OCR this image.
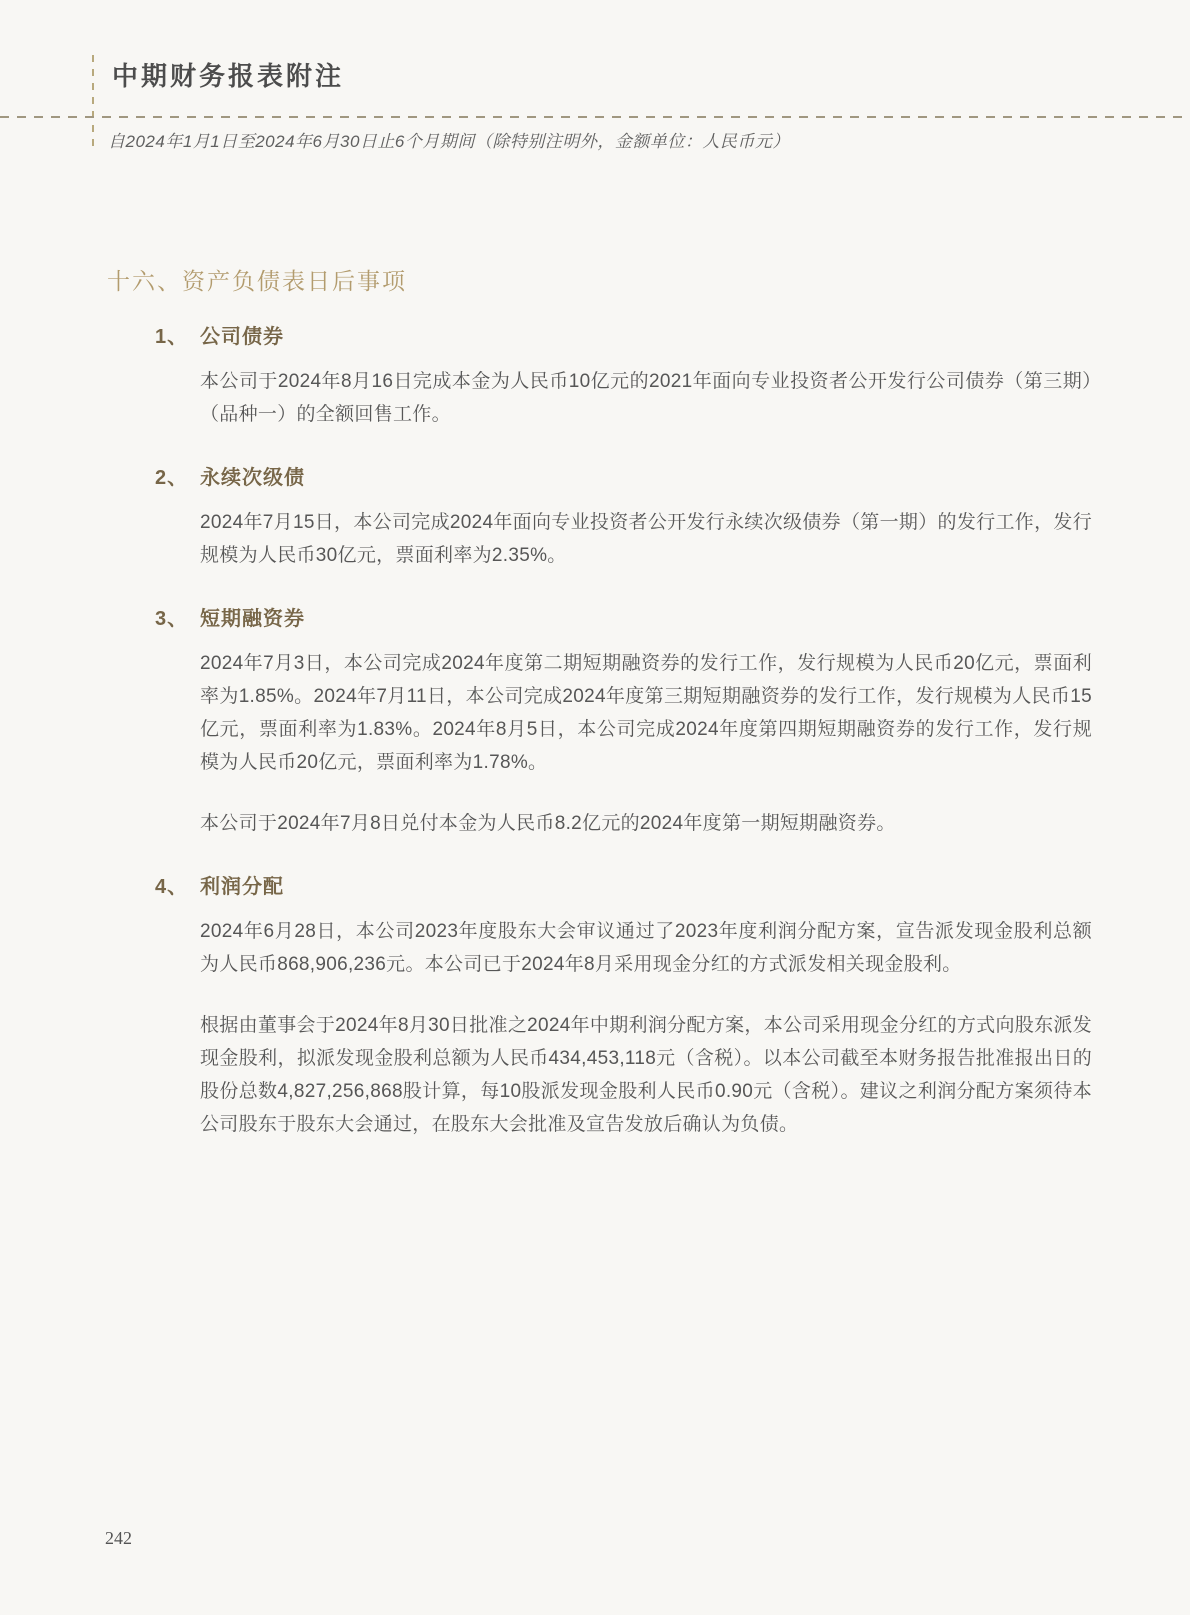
中期财务报表附注

自2024年1月1日至2024年6月30日止6个月期间（除特别注明外，金额单位：人民币元）

十六、资产负债表日后事项
1、 公司债券

本公司于2024年8月16日完成本金为人民币10亿元的2021年面向专业投资者公开发行公司债券（第三期）（品种一）的全额回售工作。

2、 永续次级债

2024年7月15日，本公司完成2024年面向专业投资者公开发行永续次级债券（第一期）的发行工作，发行规模为人民币30亿元，票面利率为2.35%。

3、 短期融资券

2024年7月3日，本公司完成2024年度第二期短期融资券的发行工作，发行规模为人民币20亿元，票面利率为1.85%。2024年7月11日，本公司完成2024年度第三期短期融资券的发行工作，发行规模为人民币15亿元，票面利率为1.83%。2024年8月5日，本公司完成2024年度第四期短期融资券的发行工作，发行规模为人民币20亿元，票面利率为1.78%。

本公司于2024年7月8日兑付本金为人民币8.2亿元的2024年度第一期短期融资券。

4、 利润分配

2024年6月28日，本公司2023年度股东大会审议通过了2023年度利润分配方案，宣告派发现金股利总额为人民币868,906,236元。本公司已于2024年8月采用现金分红的方式派发相关现金股利。

根据由董事会于2024年8月30日批准之2024年中期利润分配方案，本公司采用现金分红的方式向股东派发现金股利，拟派发现金股利总额为人民币434,453,118元（含税）。以本公司截至本财务报告批准报出日的股份总数4,827,256,868股计算，每10股派发现金股利人民币0.90元（含税）。建议之利润分配方案须待本公司股东于股东大会通过，在股东大会批准及宣告发放后确认为负债。

242
